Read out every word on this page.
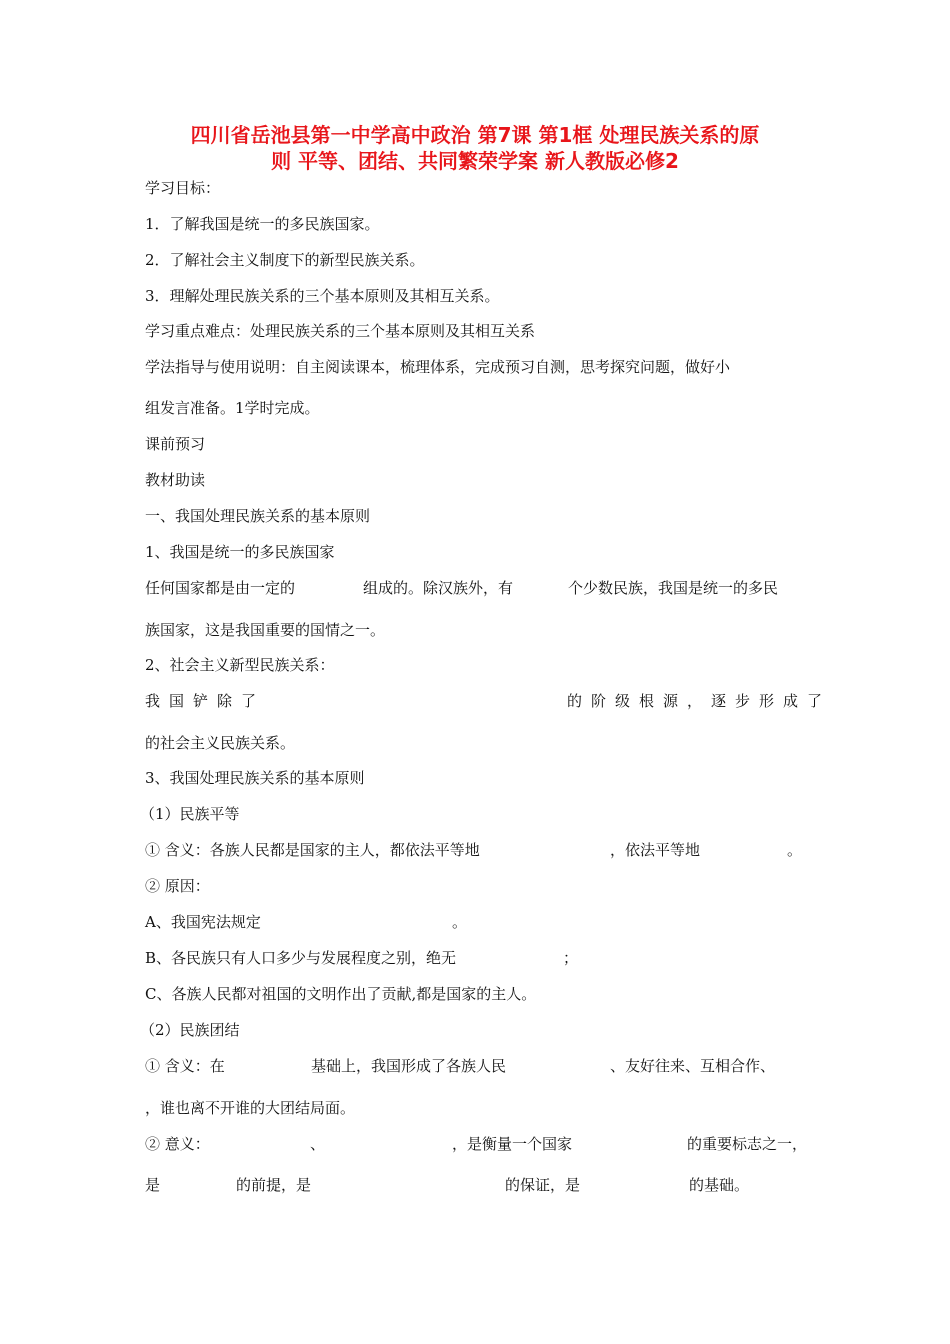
四川省岳池县第一中学高中政治 第7课 第1框 处理民族关系的原
则 平等、团结、共同繁荣学案 新人教版必修2
学习目标：
1．了解我国是统一的多民族国家。
2．了解社会主义制度下的新型民族关系。
3．理解处理民族关系的三个基本原则及其相互关系。
学习重点难点：处理民族关系的三个基本原则及其相互关系
学法指导与使用说明：自主阅读课本，梳理体系，完成预习自测，思考探究问题，做好小
组发言准备。1学时完成。
课前预习
教材助读
一、我国处理民族关系的基本原则
1、我国是统一的多民族国家
任何国家都是由一定的	组成的。除汉族外，有	个少数民族，我国是统一的多民
族国家，这是我国重要的国情之一。
2、社会主义新型民族关系：
我国铲除了	的阶级根源，逐步形成了
的社会主义民族关系。
3、我国处理民族关系的基本原则
（1）民族平等
① 含义：各族人民都是国家的主人，都依法平等地	，依法平等地	。
② 原因：
A、我国宪法规定	。
B、各民族只有人口多少与发展程度之别，绝无	；
C、各族人民都对祖国的文明作出了贡献,都是国家的主人。
（2）民族团结
① 含义：在	基础上，我国形成了各族人民	、友好往来、互相合作、
，谁也离不开谁的大团结局面。
② 意义：	、	，是衡量一个国家	的重要标志之一，
是	的前提，是	的保证，是	的基础。
